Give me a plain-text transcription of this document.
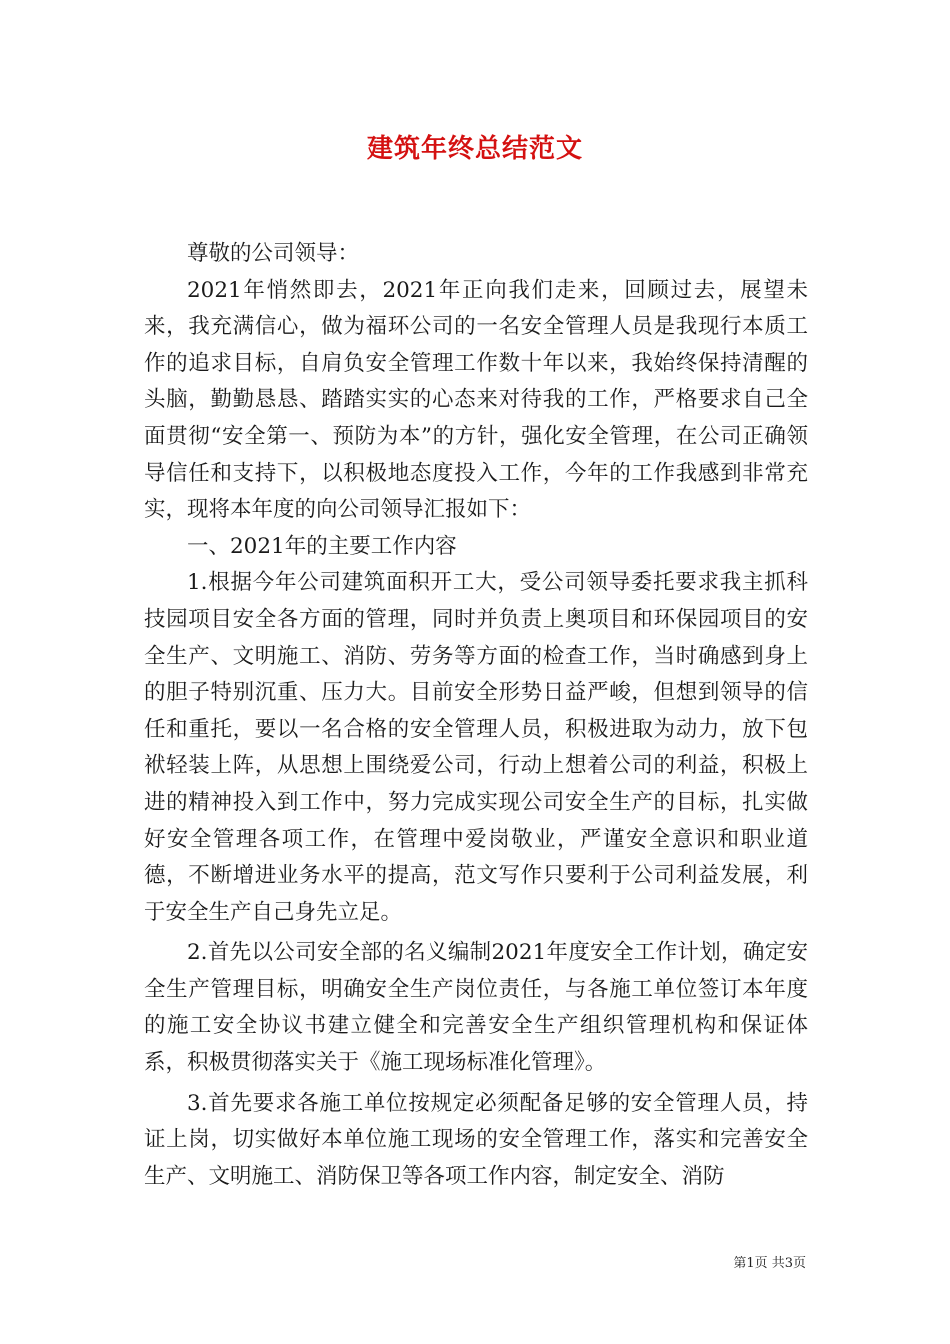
建筑年终总结范文

尊敬的公司领导：

2021年悄然即去，2021年正向我们走来，回顾过去，展望未来，我充满信心，做为福环公司的一名安全管理人员是我现行本质工作的追求目标，自肩负安全管理工作数十年以来，我始终保持清醒的头脑，勤勤恳恳、踏踏实实的心态来对待我的工作，严格要求自己全面贯彻“安全第一、预防为本”的方针，强化安全管理，在公司正确领导信任和支持下，以积极地态度投入工作，今年的工作我感到非常充实，现将本年度的向公司领导汇报如下：

一、2021年的主要工作内容

1.根据今年公司建筑面积开工大，受公司领导委托要求我主抓科技园项目安全各方面的管理，同时并负责上奥项目和环保园项目的安全生产、文明施工、消防、劳务等方面的检查工作，当时确感到身上的胆子特别沉重、压力大。目前安全形势日益严峻，但想到领导的信任和重托，要以一名合格的安全管理人员，积极进取为动力，放下包袱轻装上阵，从思想上围绕爱公司，行动上想着公司的利益，积极上进的精神投入到工作中，努力完成实现公司安全生产的目标，扎实做好安全管理各项工作，在管理中爱岗敬业，严谨安全意识和职业道德，不断增进业务水平的提高，范文写作只要利于公司利益发展，利于安全生产自己身先立足。

2.首先以公司安全部的名义编制2021年度安全工作计划，确定安全生产管理目标，明确安全生产岗位责任，与各施工单位签订本年度的施工安全协议书建立健全和完善安全生产组织管理机构和保证体系，积极贯彻落实关于《施工现场标准化管理》。

3.首先要求各施工单位按规定必须配备足够的安全管理人员，持证上岗，切实做好本单位施工现场的安全管理工作，落实和完善安全生产、文明施工、消防保卫等各项工作内容，制定安全、消防

第1页 共3页
